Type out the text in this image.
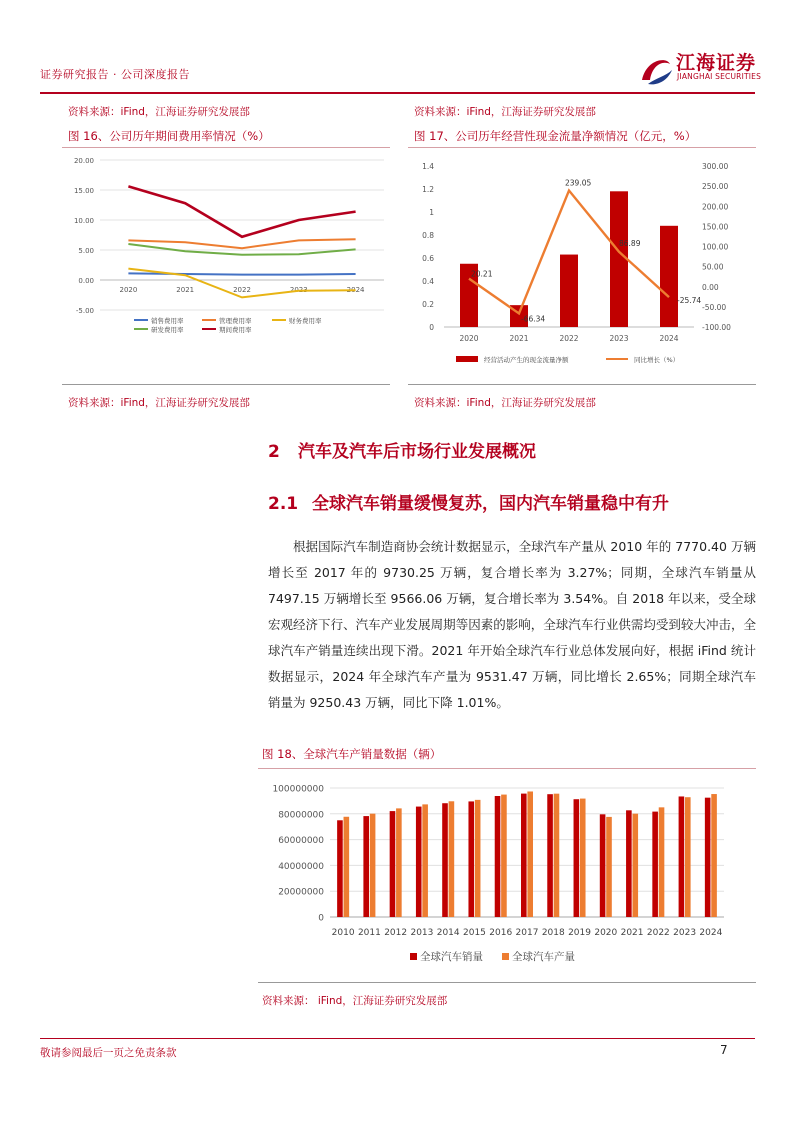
证券研究报告 · 公司深度报告
江海证券
JIANGHAI SECURITIES
资料来源：iFind，江海证券研究发展部	资料来源：iFind，江海证券研究发展部
图 16、公司历年期间费用率情况（%）
20.00
15.00
10.00
5.00
0.00
-5.00
2020	2021	2022	2023	2024
销售费用率	管理费用率	财务费用率
研发费用率	期间费用率
资料来源：iFind，江海证券研究发展部
图 17、公司历年经营性现金流量净额情况（亿元，%）
1.4
1.2
1
0.8
0.6
0.4
0.2
0
300.00
250.00
200.00
150.00
100.00
50.00
0.00
-50.00
-100.00
2020	2021	2022	2023	2024
20.21
-66.34
239.05
86.89
-25.74
经营活动产生的现金流量净额	同比增长（%）
资料来源：iFind，江海证券研究发展部
2 汽车及汽车后市场行业发展概况
2.1 全球汽车销量缓慢复苏，国内汽车销量稳中有升

根据国际汽车制造商协会统计数据显示，全球汽车产量从 2010 年的 7770.40 万辆增长至 2017 年的 9730.25 万辆，复合增长率为 3.27%；同期，全球汽车销量从 7497.15 万辆增长至 9566.06 万辆，复合增长率为 3.54%。自 2018 年以来，受全球宏观经济下行、汽车产业发展周期等因素的影响，全球汽车行业供需均受到较大冲击，全球汽车产销量连续出现下滑。2021 年开始全球汽车行业总体发展向好，根据 iFind 统计数据显示，2024 年全球汽车产量为 9531.47 万辆，同比增长 2.65%；同期全球汽车销量为 9250.43 万辆，同比下降 1.01%。

图 18、全球汽车产销量数据（辆）
100000000
80000000
60000000
40000000
20000000
0
2010 2011 2012 2013 2014 2015 2016 2017 2018 2019 2020 2021 2022 2023 2024
全球汽车销量	全球汽车产量
资料来源： iFind，江海证券研究发展部
敬请参阅最后一页之免责条款	7
